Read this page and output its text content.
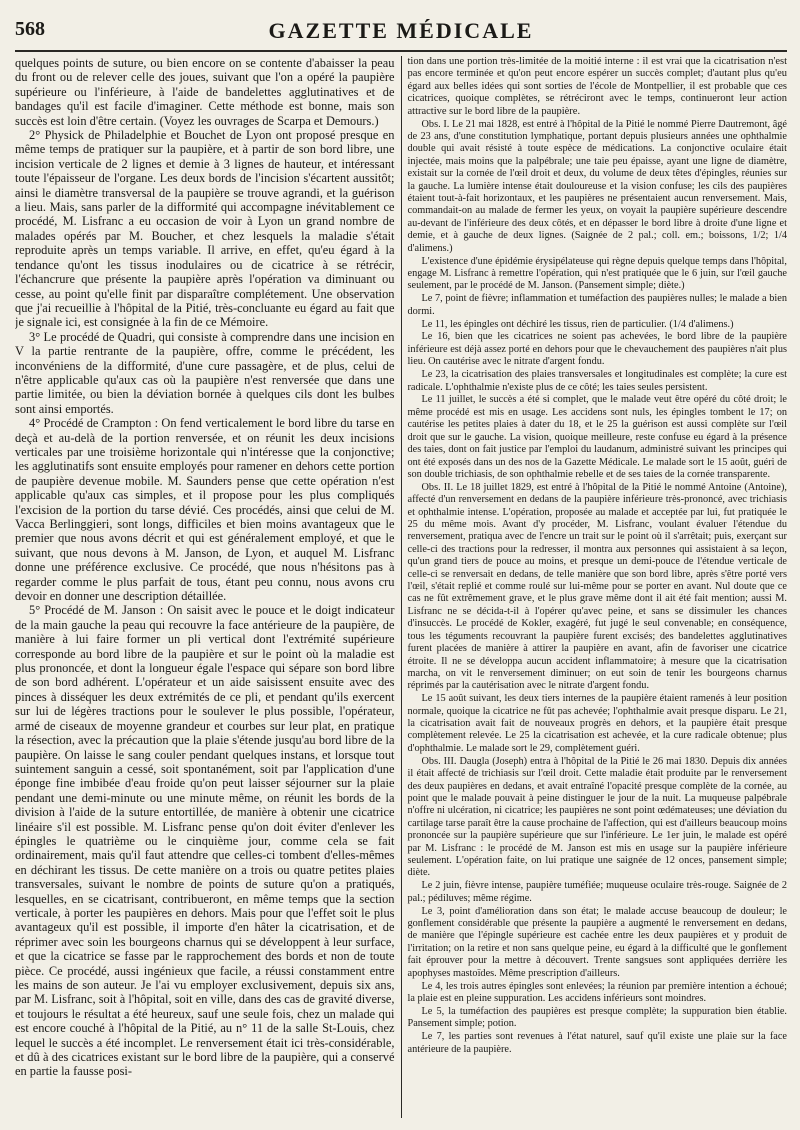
568	GAZETTE MÉDICALE

quelques points de suture, ou bien encore on se contente d'abaisser la peau du front ou de relever celle des joues, suivant que l'on a opéré la paupière supérieure ou l'inférieure, à l'aide de bandelettes agglutinatives et de bandages qu'il est facile d'imaginer. Cette méthode est bonne, mais son succès est loin d'être certain. (Voyez les ouvrages de Scarpa et Demours.)

2° Physick de Philadelphie et Bouchet de Lyon ont proposé presque en même temps de pratiquer sur la paupière, et à partir de son bord libre, une incision verticale de 2 lignes et demie à 3 lignes de hauteur, et intéressant toute l'épaisseur de l'organe. Les deux bords de l'incision s'écartent aussitôt; ainsi le diamètre transversal de la paupière se trouve agrandi, et la guérison a lieu. Mais, sans parler de la difformité qui accompagne inévitablement ce procédé, M. Lisfranc a eu occasion de voir à Lyon un grand nombre de malades opérés par M. Boucher, et chez lesquels la maladie s'était reproduite après un temps variable. Il arrive, en effet, qu'eu égard à la tendance qu'ont les tissus inodulaires ou de cicatrice à se rétrécir, l'échancrure que présente la paupière après l'opération va diminuant ou cesse, au point qu'elle finit par disparaître complétement. Une observation que j'ai recueillie à l'hôpital de la Pitié, très-concluante eu égard au fait que je signale ici, est consignée à la fin de ce Mémoire.

3° Le procédé de Quadri, qui consiste à comprendre dans une incision en V la partie rentrante de la paupière, offre, comme le précédent, les inconvéniens de la difformité, d'une cure passagère, et de plus, celui de n'être applicable qu'aux cas où la paupière n'est renversée que dans une partie limitée, ou bien la déviation bornée à quelques cils dont les bulbes sont ainsi emportés.

4° Procédé de Crampton : On fend verticalement le bord libre du tarse en deçà et au-delà de la portion renversée, et on réunit les deux incisions verticales par une troisième horizontale qui n'intéresse que la conjonctive; les agglutinatifs sont ensuite employés pour ramener en dehors cette portion de paupière devenue mobile. M. Saunders pense que cette opération n'est applicable qu'aux cas simples, et il propose pour les plus compliqués l'excision de la portion du tarse dévié. Ces procédés, ainsi que celui de M. Vacca Berlinggieri, sont longs, difficiles et bien moins avantageux que le premier que nous avons décrit et qui est généralement employé, et que le suivant, que nous devons à M. Janson, de Lyon, et auquel M. Lisfranc donne une préférence exclusive. Ce procédé, que nous n'hésitons pas à regarder comme le plus parfait de tous, étant peu connu, nous avons cru devoir en donner une description détaillée.

5° Procédé de M. Janson : On saisit avec le pouce et le doigt indicateur de la main gauche la peau qui recouvre la face antérieure de la paupière, de manière à lui faire former un pli vertical dont l'extrémité supérieure corresponde au bord libre de la paupière et sur le point où la maladie est plus prononcée, et dont la longueur égale l'espace qui sépare son bord libre de son bord adhérent. L'opérateur et un aide saisissent ensuite avec des pinces à disséquer les deux extrémités de ce pli, et pendant qu'ils exercent sur lui de légères tractions pour le soulever le plus possible, l'opérateur, armé de ciseaux de moyenne grandeur et courbes sur leur plat, en pratique la résection, avec la précaution que la plaie s'étende jusqu'au bord libre de la paupière. On laisse le sang couler pendant quelques instans, et lorsque tout suintement sanguin a cessé, soit spontanément, soit par l'application d'une éponge fine imbibée d'eau froide qu'on peut laisser séjourner sur la plaie pendant une demi-minute ou une minute même, on réunit les bords de la division à l'aide de la suture entortillée, de manière à obtenir une cicatrice linéaire s'il est possible. M. Lisfranc pense qu'on doit éviter d'enlever les épingles le quatrième ou le cinquième jour, comme cela se fait ordinairement, mais qu'il faut attendre que celles-ci tombent d'elles-mêmes en déchirant les tissus. De cette manière on a trois ou quatre petites plaies transversales, suivant le nombre de points de suture qu'on a pratiqués, lesquelles, en se cicatrisant, contribueront, en même temps que la section verticale, à porter les paupières en dehors. Mais pour que l'effet soit le plus avantageux qu'il est possible, il importe d'en hâter la cicatrisation, et de réprimer avec soin les bourgeons charnus qui se développent à leur surface, et que la cicatrice se fasse par le rapprochement des bords et non de toute pièce. Ce procédé, aussi ingénieux que facile, a réussi constamment entre les mains de son auteur. Je l'ai vu employer exclusivement, depuis six ans, par M. Lisfranc, soit à l'hôpital, soit en ville, dans des cas de gravité diverse, et toujours le résultat a été heureux, sauf une seule fois, chez un malade qui est encore couché à l'hôpital de la Pitié, au n° 11 de la salle St-Louis, chez lequel le succès a été incomplet. Le renversement était ici très-considérable, et dû à des cicatrices existant sur le bord libre de la paupière, qui a conservé en partie la fausse posi-

tion dans une portion très-limitée de la moitié interne : il est vrai que la cicatrisation n'est pas encore terminée et qu'on peut encore espérer un succès complet; d'autant plus qu'eu égard aux belles idées qui sont sorties de l'école de Montpellier, il est probable que ces cicatrices, quoique complètes, se rétréciront avec le temps, continueront leur action attractive sur le bord libre de la paupière.

Obs. I. Le 21 mai 1828, est entré à l'hôpital de la Pitié le nommé Pierre Dautremont, âgé de 23 ans, d'une constitution lymphatique, portant depuis plusieurs années une ophthalmie double qui avait résisté à toute espèce de médications. La conjonctive oculaire était injectée, mais moins que la palpébrale; une taie peu épaisse, ayant une ligne de diamètre, existait sur la cornée de l'œil droit et deux, du volume de deux têtes d'épingles, réunies sur la gauche. La lumière intense était douloureuse et la vision confuse; les cils des paupières étaient tout-à-fait horizontaux, et les paupières ne présentaient aucun renversement. Mais, commandait-on au malade de fermer les yeux, on voyait la paupière supérieure descendre au-devant de l'inférieure des deux côtés, et en dépasser le bord libre à droite d'une ligne et demie, et à gauche de deux lignes. (Saignée de 2 pal.; coll. em.; boissons, 1/2; 1/4 d'alimens.)

L'existence d'une épidémie érysipélateuse qui règne depuis quelque temps dans l'hôpital, engage M. Lisfranc à remettre l'opération, qui n'est pratiquée que le 6 juin, sur l'œil gauche seulement, par le procédé de M. Janson. (Pansement simple; diète.)

Le 7, point de fièvre; inflammation et tuméfaction des paupières nulles; le malade a bien dormi.

Le 11, les épingles ont déchiré les tissus, rien de particulier. (1/4 d'alimens.)

Le 16, bien que les cicatrices ne soient pas achevées, le bord libre de la paupière inférieure est déjà assez porté en dehors pour que le chevauchement des paupières n'ait plus lieu. On cautérise avec le nitrate d'argent fondu.

Le 23, la cicatrisation des plaies transversales et longitudinales est complète; la cure est radicale. L'ophthalmie n'existe plus de ce côté; les taies seules persistent.

Le 11 juillet, le succès a été si complet, que le malade veut être opéré du côté droit; le même procédé est mis en usage. Les accidens sont nuls, les épingles tombent le 17; on cautérise les petites plaies à dater du 18, et le 25 la guérison est aussi complète sur l'œil droit que sur le gauche. La vision, quoique meilleure, reste confuse eu égard à la présence des taies, dont on fait justice par l'emploi du laudanum, administré suivant les principes qui ont été exposés dans un des nos de la Gazette Médicale. Le malade sort le 15 août, guéri de son double trichiasis, de son ophthalmie rebelle et de ses taies de la cornée transparente.

Obs. II. Le 18 juillet 1829, est entré à l'hôpital de la Pitié le nommé Antoine (Antoine), affecté d'un renversement en dedans de la paupière inférieure très-prononcé, avec trichiasis et ophthalmie intense. L'opération, proposée au malade et acceptée par lui, fut pratiquée le 25 du même mois. Avant d'y procéder, M. Lisfranc, voulant évaluer l'étendue du renversement, pratiqua avec de l'encre un trait sur le point où il s'arrêtait; puis, exerçant sur celle-ci des tractions pour la redresser, il montra aux personnes qui assistaient à sa leçon, qu'un grand tiers de pouce au moins, et presque un demi-pouce de l'étendue verticale de celle-ci se renversait en dedans, de telle manière que son bord libre, après s'être porté vers l'œil, s'était replié et comme roulé sur lui-même pour se porter en avant. Nul doute que ce cas ne fût extrêmement grave, et le plus grave même dont il ait été fait mention; aussi M. Lisfranc ne se décida-t-il à l'opérer qu'avec peine, et sans se dissimuler les chances d'insuccès. Le procédé de Kokler, exagéré, fut jugé le seul convenable; en conséquence, tous les téguments recouvrant la paupière furent excisés; des bandelettes agglutinatives furent placées de manière à attirer la paupière en avant, afin de favoriser une cicatrice étroite. Il ne se développa aucun accident inflammatoire; à mesure que la cicatrisation marcha, on vit le renversement diminuer; on eut soin de tenir les bourgeons charnus réprimés par la cautérisation avec le nitrate d'argent fondu.

Le 15 août suivant, les deux tiers internes de la paupière étaient ramenés à leur position normale, quoique la cicatrice ne fût pas achevée; l'ophthalmie avait presque disparu. Le 21, la cicatrisation avait fait de nouveaux progrès en dehors, et la paupière était presque complètement relevée. Le 25 la cicatrisation est achevée, et la cure radicale obtenue; plus d'ophthalmie. Le malade sort le 29, complètement guéri.

Obs. III. Daugla (Joseph) entra à l'hôpital de la Pitié le 26 mai 1830. Depuis dix années il était affecté de trichiasis sur l'œil droit. Cette maladie était produite par le renversement des deux paupières en dedans, et avait entraîné l'opacité presque complète de la cornée, au point que le malade pouvait à peine distinguer le jour de la nuit. La muqueuse palpébrale n'offre ni ulcération, ni cicatrice; les paupières ne sont point œdémateuses; une déviation du cartilage tarse paraît être la cause prochaine de l'affection, qui est d'ailleurs beaucoup moins prononcée sur la paupière supérieure que sur l'inférieure. Le 1er juin, le malade est opéré par M. Lisfranc : le procédé de M. Janson est mis en usage sur la paupière inférieure seulement. L'opération faite, on lui pratique une saignée de 12 onces, pansement simple; diète.

Le 2 juin, fièvre intense, paupière tuméfiée; muqueuse oculaire très-rouge. Saignée de 2 pal.; pédiluves; même régime.

Le 3, point d'amélioration dans son état; le malade accuse beaucoup de douleur; le gonflement considérable que présente la paupière a augmenté le renversement en dedans, de manière que l'épingle supérieure est cachée entre les deux paupières et y produit de l'irritation; on la retire et non sans quelque peine, eu égard à la difficulté que le gonflement fait éprouver pour la mettre à découvert. Trente sangsues sont appliquées derrière les apophyses mastoïdes. Même prescription d'ailleurs.

Le 4, les trois autres épingles sont enlevées; la réunion par première intention a échoué; la plaie est en pleine suppuration. Les accidens inférieurs sont moindres.

Le 5, la tuméfaction des paupières est presque complète; la suppuration bien établie. Pansement simple; potion.

Le 7, les parties sont revenues à l'état naturel, sauf qu'il existe une plaie sur la face antérieure de la paupière.
